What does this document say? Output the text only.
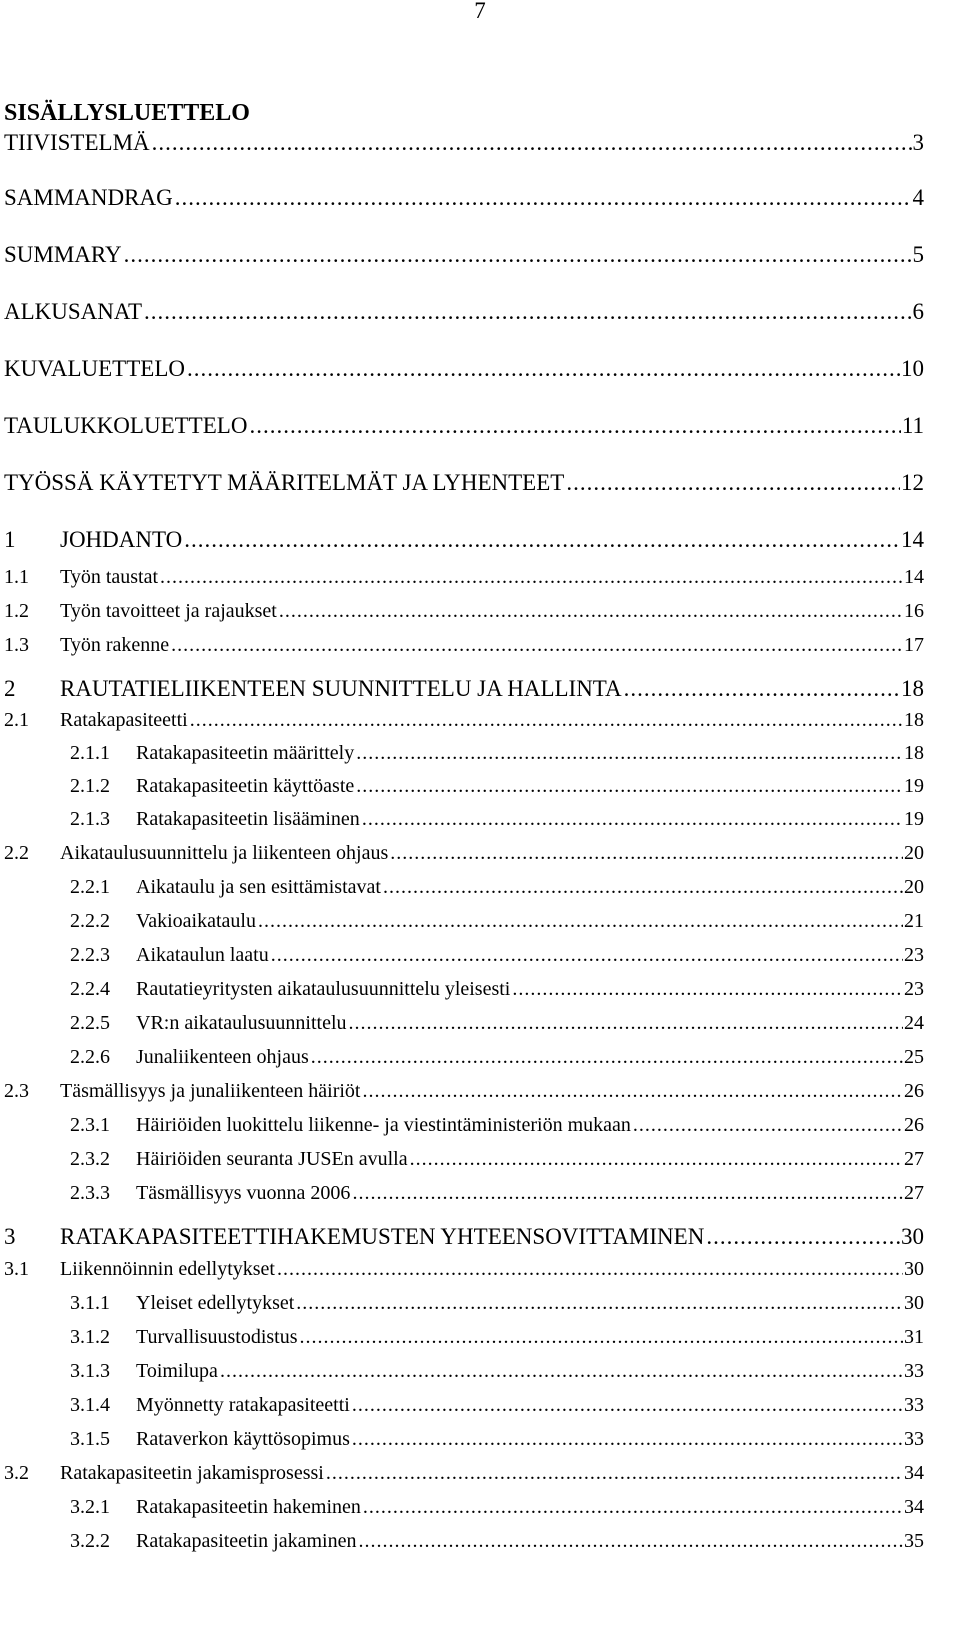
7
SISÄLLYSLUETTELO
TIIVISTELMÄ .....	3
SAMMANDRAG .....	4
SUMMARY .....	5
ALKUSANAT .....	6
KUVALUETTELO .....	10
TAULUKKOLUETTELO .....	11
TYÖSSÄ KÄYTETYT MÄÄRITELMÄT JA LYHENTEET .....	12
1	JOHDANTO .....	14
1.1	Työn taustat .....	14
1.2	Työn tavoitteet ja rajaukset .....	16
1.3	Työn rakenne .....	17
2	RAUTATIELIIKENTEEN SUUNNITTELU JA HALLINTA .....	18
2.1	Ratakapasiteetti .....	18
2.1.1	Ratakapasiteetin määrittely .....	18
2.1.2	Ratakapasiteetin käyttöaste .....	19
2.1.3	Ratakapasiteetin lisääminen .....	19
2.2	Aikataulusuunnittelu ja liikenteen ohjaus .....	20
2.2.1	Aikataulu ja sen esittämistavat .....	20
2.2.2	Vakioaikataulu .....	21
2.2.3	Aikataulun laatu .....	23
2.2.4	Rautatieyritysten aikataulusuunnittelu yleisesti .....	23
2.2.5	VR:n aikataulusuunnittelu .....	24
2.2.6	Junaliikenteen ohjaus .....	25
2.3	Täsmällisyys ja junaliikenteen häiriöt .....	26
2.3.1	Häiriöiden luokittelu liikenne- ja viestintäministeriön mukaan .....	26
2.3.2	Häiriöiden seuranta JUSEn avulla .....	27
2.3.3	Täsmällisyys vuonna 2006 .....	27
3	RATAKAPASITEETTIHAKEMUSTEN YHTEENSOVITTAMINEN .....	30
3.1	Liikennöinnin edellytykset .....	30
3.1.1	Yleiset edellytykset .....	30
3.1.2	Turvallisuustodistus .....	31
3.1.3	Toimilupa .....	33
3.1.4	Myönnetty ratakapasiteetti .....	33
3.1.5	Rataverkon käyttösopimus .....	33
3.2	Ratakapasiteetin jakamisprosessi .....	34
3.2.1	Ratakapasiteetin hakeminen .....	34
3.2.2	Ratakapasiteetin jakaminen .....	35
